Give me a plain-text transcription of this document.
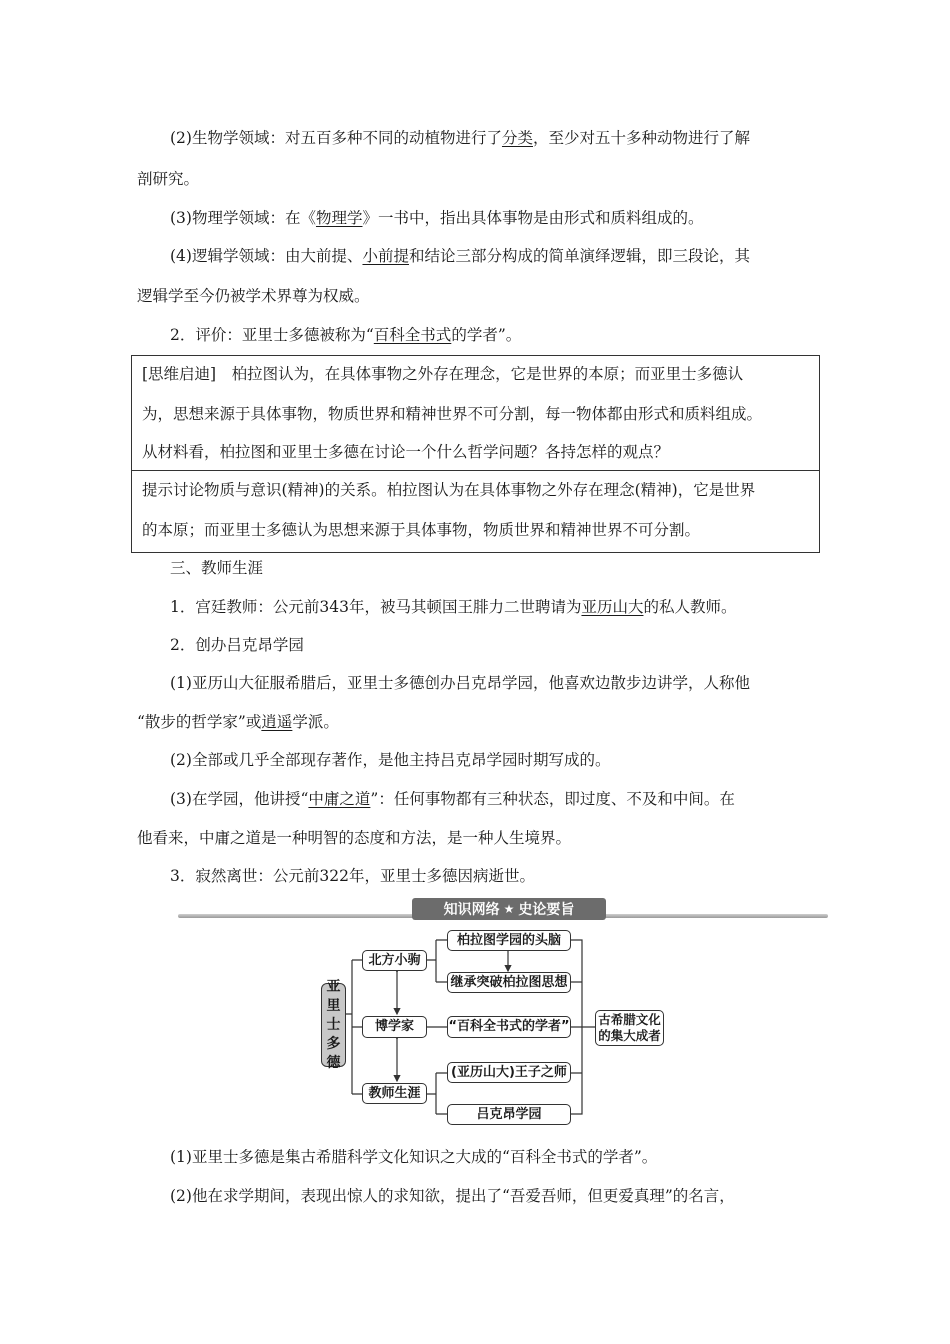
(2)生物学领域：对五百多种不同的动植物进行了分类，至少对五十多种动物进行了解
剖研究。
(3)物理学领域：在《物理学》一书中，指出具体事物是由形式和质料组成的。
(4)逻辑学领域：由大前提、小前提和结论三部分构成的简单演绎逻辑，即三段论，其
逻辑学至今仍被学术界尊为权威。
2．评价：亚里士多德被称为“百科全书式的学者”。
[思维启迪]　柏拉图认为，在具体事物之外存在理念，它是世界的本原；而亚里士多德认
为，思想来源于具体事物，物质世界和精神世界不可分割，每一物体都由形式和质料组成。
从材料看，柏拉图和亚里士多德在讨论一个什么哲学问题？各持怎样的观点？
提示讨论物质与意识(精神)的关系。柏拉图认为在具体事物之外存在理念(精神)，它是世界
的本原；而亚里士多德认为思想来源于具体事物，物质世界和精神世界不可分割。
三、教师生涯
1．宫廷教师：公元前343年，被马其顿国王腓力二世聘请为亚历山大的私人教师。
2．创办吕克昂学园
(1)亚历山大征服希腊后，亚里士多德创办吕克昂学园，他喜欢边散步边讲学，人称他
“散步的哲学家”或逍遥学派。
(2)全部或几乎全部现存著作，是他主持吕克昂学园时期写成的。
(3)在学园，他讲授“中庸之道”：任何事物都有三种状态，即过度、不及和中间。在
他看来，中庸之道是一种明智的态度和方法，是一种人生境界。
3．寂然离世：公元前322年，亚里士多德因病逝世。
知识网络 ★ 史论要旨
亚
里
士
多
德
北方小驹
博学家
教师生涯
柏拉图学园的头脑
继承突破柏拉图思想
“百科全书式的学者”
(亚历山大)王子之师
吕克昂学园
古希腊文化的集大成者
(1)亚里士多德是集古希腊科学文化知识之大成的“百科全书式的学者”。
(2)他在求学期间，表现出惊人的求知欲，提出了“吾爱吾师，但更爱真理”的名言，
